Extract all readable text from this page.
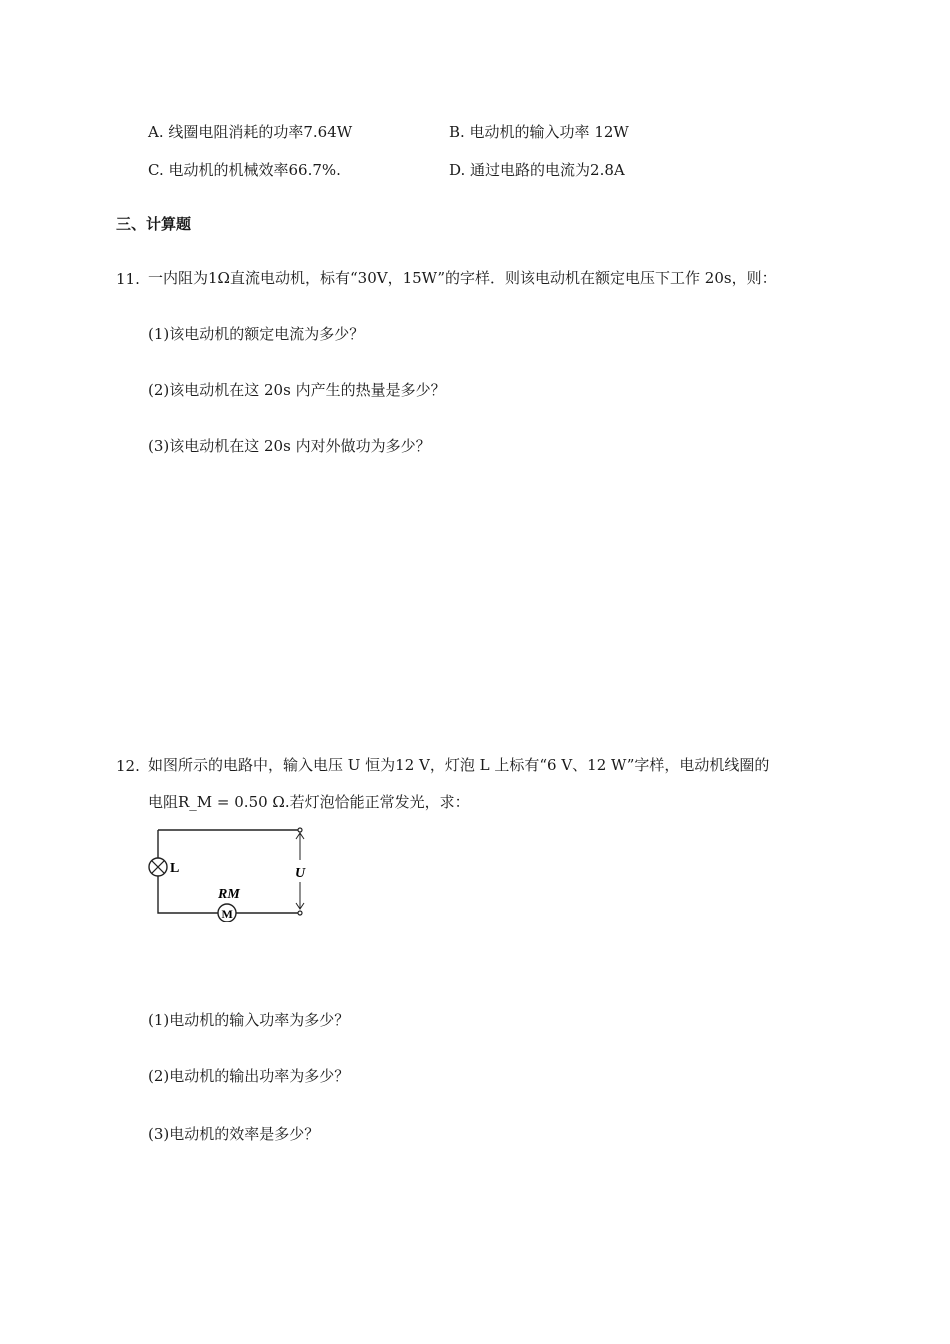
A. 线圈电阻消耗的功率7.64W	B. 电动机的输入功率 12W
C. 电动机的机械效率66.7%.	D. 通过电路的电流为2.8A
三、计算题
11. 一内阻为1Ω直流电动机，标有“30V，15W”的字样．则该电动机在额定电压下工作 20s，则：
(1)该电动机的额定电流为多少？
(2)该电动机在这 20s 内产生的热量是多少？
(3)该电动机在这 20s 内对外做功为多少？
12. 如图所示的电路中，输入电压 U 恒为12 V，灯泡 L 上标有“6 V、12 W”字样，电动机线圈的
电阻R_M = 0.50 Ω.若灯泡恰能正常发光，求：
L
RM
M
U
(1)电动机的输入功率为多少？
(2)电动机的输出功率为多少？
(3)电动机的效率是多少？
